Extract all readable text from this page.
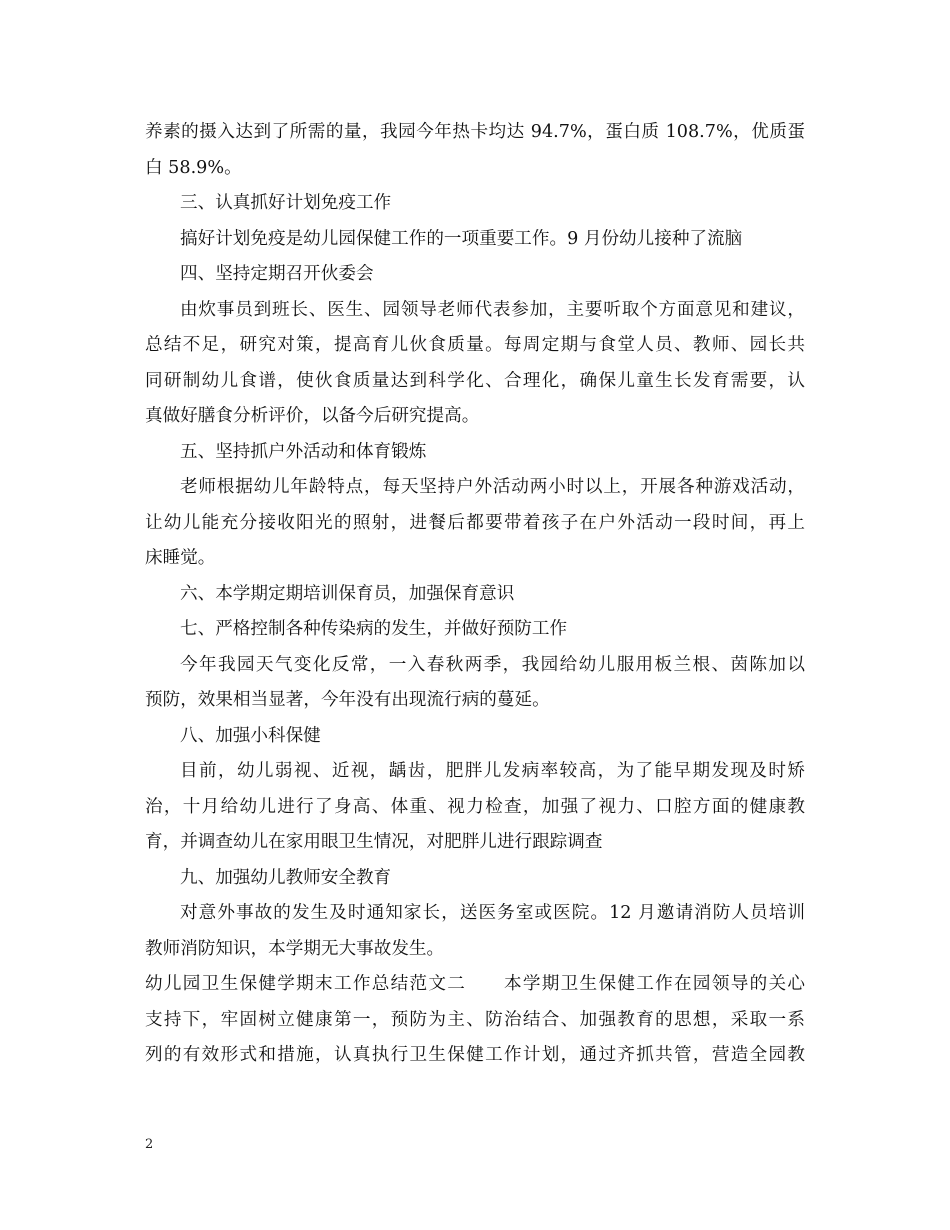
养素的摄入达到了所需的量，我园今年热卡均达 94.7%，蛋白质 108.7%，优质蛋
白 58.9%。
三、认真抓好计划免疫工作
搞好计划免疫是幼儿园保健工作的一项重要工作。9 月份幼儿接种了流脑
四、坚持定期召开伙委会
由炊事员到班长、医生、园领导老师代表参加，主要听取个方面意见和建议，
总结不足，研究对策，提高育儿伙食质量。每周定期与食堂人员、教师、园长共
同研制幼儿食谱，使伙食质量达到科学化、合理化，确保儿童生长发育需要，认
真做好膳食分析评价，以备今后研究提高。
五、坚持抓户外活动和体育锻炼
老师根据幼儿年龄特点，每天坚持户外活动两小时以上，开展各种游戏活动，
让幼儿能充分接收阳光的照射，进餐后都要带着孩子在户外活动一段时间，再上
床睡觉。
六、本学期定期培训保育员，加强保育意识
七、严格控制各种传染病的发生，并做好预防工作
今年我园天气变化反常，一入春秋两季，我园给幼儿服用板兰根、茵陈加以
预防，效果相当显著，今年没有出现流行病的蔓延。
八、加强小科保健
目前，幼儿弱视、近视，龋齿，肥胖儿发病率较高，为了能早期发现及时矫
治，十月给幼儿进行了身高、体重、视力检查，加强了视力、口腔方面的健康教
育，并调查幼儿在家用眼卫生情况，对肥胖儿进行跟踪调查
九、加强幼儿教师安全教育
对意外事故的发生及时通知家长，送医务室或医院。12 月邀请消防人员培训
教师消防知识，本学期无大事故发生。
幼儿园卫生保健学期末工作总结范文二　　本学期卫生保健工作在园领导的关心
支持下，牢固树立健康第一，预防为主、防治结合、加强教育的思想，采取一系
列的有效形式和措施，认真执行卫生保健工作计划，通过齐抓共管，营造全园教
2
